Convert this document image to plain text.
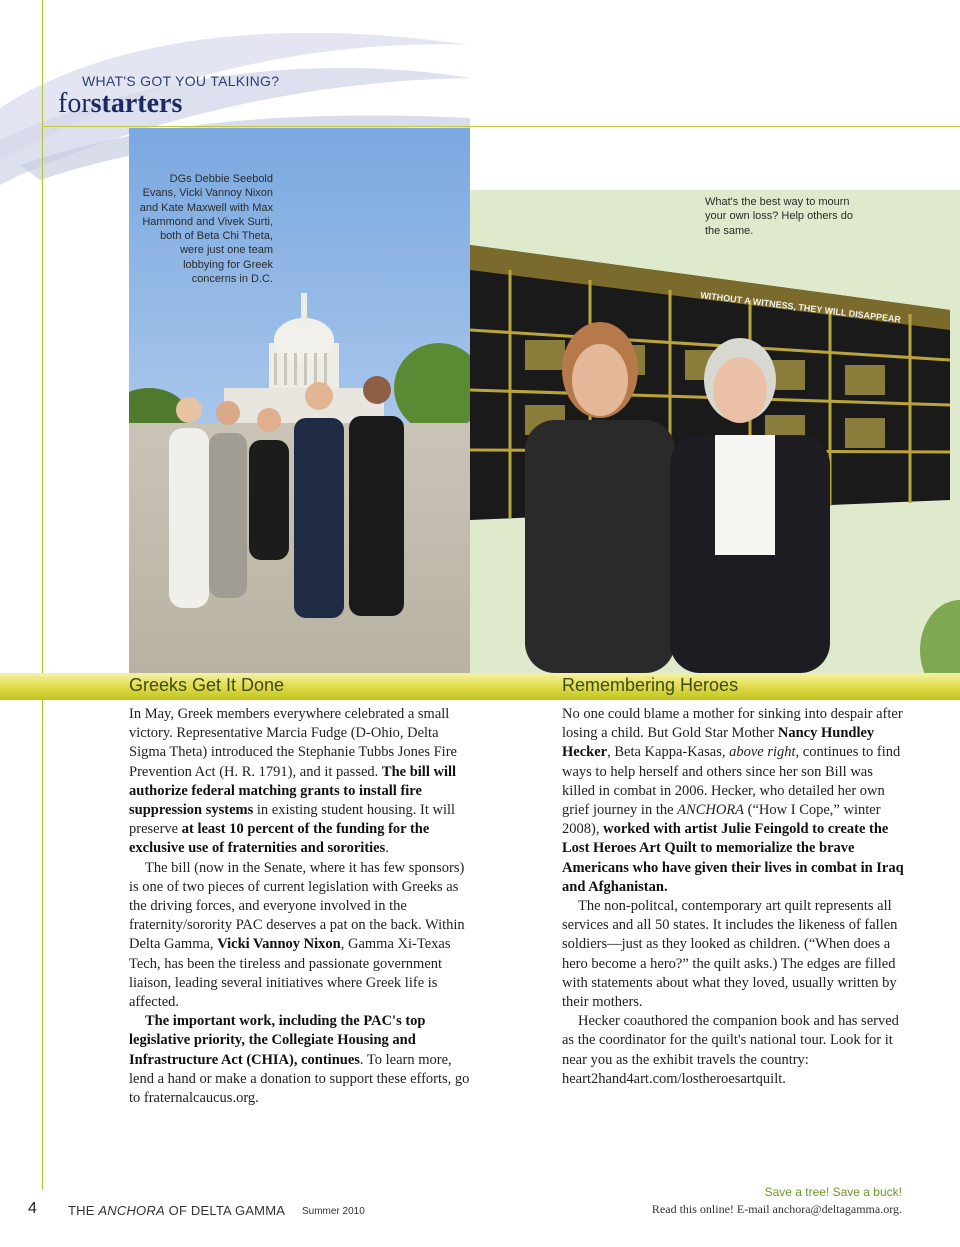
WHAT'S GOT YOU TALKING?
forstarters
WITHOUT A WITNESS, THEY WILL DISAPPEAR
DGs Debbie Seebold Evans, Vicki Vannoy Nixon and Kate Maxwell with Max Hammond and Vivek Surti, both of Beta Chi Theta, were just one team lobbying for Greek concerns in D.C.
What's the best way to mourn your own loss? Help others do the same.
Greeks Get It Done	Remembering Heroes

In May, Greek members everywhere celebrated a small victory. Representative Marcia Fudge (D-Ohio, Delta Sigma Theta) introduced the Stephanie Tubbs Jones Fire Prevention Act (H. R. 1791), and it passed. The bill will authorize federal matching grants to install fire suppression systems in existing student housing. It will preserve at least 10 percent of the funding for the exclusive use of fraternities and sororities.

The bill (now in the Senate, where it has few sponsors) is one of two pieces of current legislation with Greeks as the driving forces, and everyone involved in the fraternity/sorority PAC deserves a pat on the back. Within Delta Gamma, Vicki Vannoy Nixon, Gamma Xi-Texas Tech, has been the tireless and passionate government liaison, leading several initiatives where Greek life is affected.

The important work, including the PAC's top legislative priority, the Collegiate Housing and Infrastructure Act (CHIA), continues. To learn more, lend a hand or make a donation to support these efforts, go to fraternalcaucus.org.

No one could blame a mother for sinking into despair after losing a child. But Gold Star Mother Nancy Hundley Hecker, Beta Kappa-Kasas, above right, continues to find ways to help herself and others since her son Bill was killed in combat in 2006. Hecker, who detailed her own grief journey in the ANCHORA (“How I Cope,” winter 2008), worked with artist Julie Feingold to create the Lost Heroes Art Quilt to memorialize the brave Americans who have given their lives in combat in Iraq and Afghanistan.

The non-politcal, contemporary art quilt represents all services and all 50 states. It includes the likeness of fallen soldiers—just as they looked as children. (“When does a hero become a hero?” the quilt asks.) The edges are filled with statements about what they loved, usually written by their mothers.

Hecker coauthored the companion book and has served as the coordinator for the quilt's national tour. Look for it near you as the exhibit travels the country: heart2hand4art.com/lostheroesartquilt.

4 THE ANCHORA OF DELTA GAMMA Summer 2010
Save a tree! Save a buck!
Read this online! E-mail anchora@deltagamma.org.
